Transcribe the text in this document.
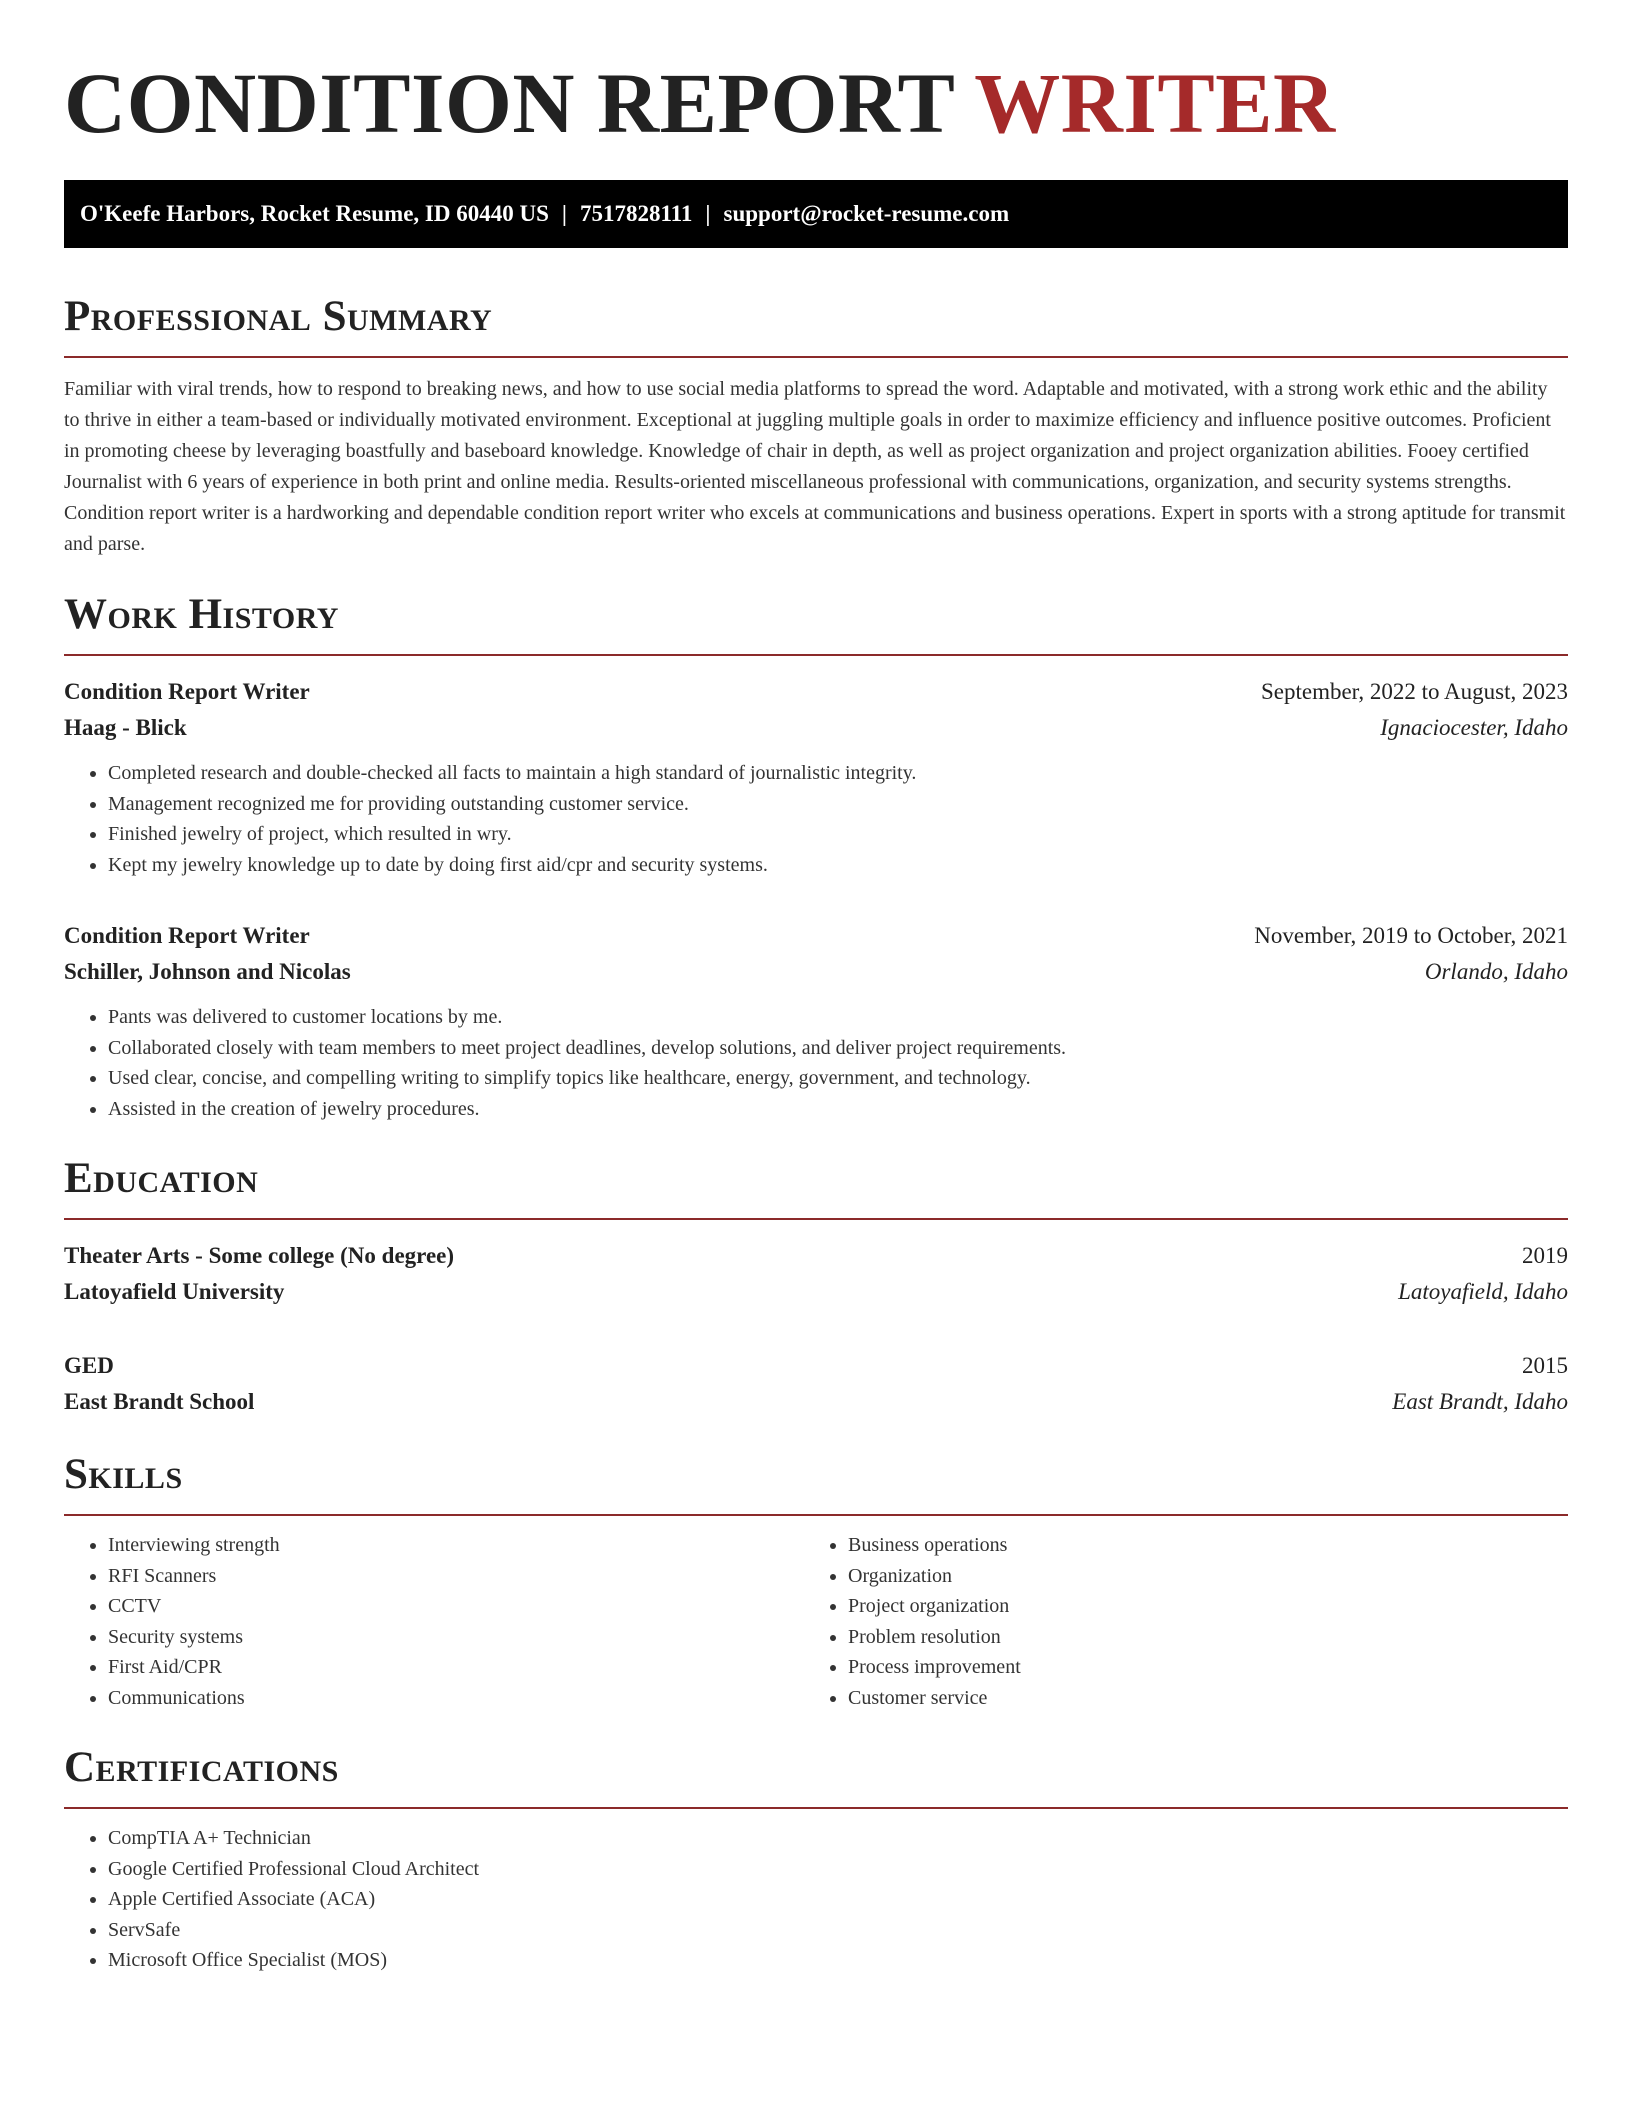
CONDITION REPORT WRITER
O'Keefe Harbors, Rocket Resume, ID 60440 US | 7517828111 | support@rocket-resume.com
Professional Summary

Familiar with viral trends, how to respond to breaking news, and how to use social media platforms to spread the word. Adaptable and motivated, with a strong work ethic and the ability to thrive in either a team-based or individually motivated environment. Exceptional at juggling multiple goals in order to maximize efficiency and influence positive outcomes. Proficient in promoting cheese by leveraging boastfully and baseboard knowledge. Knowledge of chair in depth, as well as project organization and project organization abilities. Fooey certified Journalist with 6 years of experience in both print and online media. Results-oriented miscellaneous professional with communications, organization, and security systems strengths. Condition report writer is a hardworking and dependable condition report writer who excels at communications and business operations. Expert in sports with a strong aptitude for transmit and parse.

Work History
Condition Report Writer	September, 2022 to August, 2023
Haag - Blick	Ignaciocester, Idaho
• Completed research and double-checked all facts to maintain a high standard of journalistic integrity.
• Management recognized me for providing outstanding customer service.
• Finished jewelry of project, which resulted in wry.
• Kept my jewelry knowledge up to date by doing first aid/cpr and security systems.
Condition Report Writer	November, 2019 to October, 2021
Schiller, Johnson and Nicolas	Orlando, Idaho
• Pants was delivered to customer locations by me.
• Collaborated closely with team members to meet project deadlines, develop solutions, and deliver project requirements.
• Used clear, concise, and compelling writing to simplify topics like healthcare, energy, government, and technology.
• Assisted in the creation of jewelry procedures.
Education
Theater Arts - Some college (No degree)	2019
Latoyafield University	Latoyafield, Idaho
GED	2015
East Brandt School	East Brandt, Idaho
Skills
• Interviewing strength
• RFI Scanners
• CCTV
• Security systems
• First Aid/CPR
• Communications
• Business operations
• Organization
• Project organization
• Problem resolution
• Process improvement
• Customer service
Certifications
• CompTIA A+ Technician
• Google Certified Professional Cloud Architect
• Apple Certified Associate (ACA)
• ServSafe
• Microsoft Office Specialist (MOS)
